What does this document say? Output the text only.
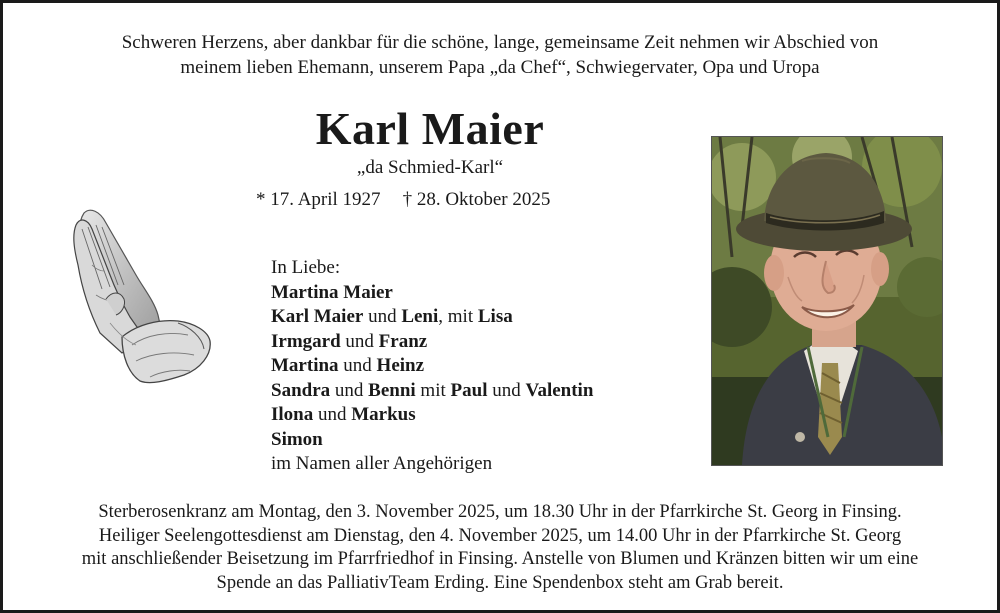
Schweren Herzens, aber dankbar für die schöne, lange, gemeinsame Zeit nehmen wir Abschied von

meinem lieben Ehemann, unserem Papa „da Chef“, Schwiegervater, Opa und Uropa

Karl Maier
„da Schmied-Karl“
* 17. April 1927 † 28. Oktober 2025
In Liebe:
Martina Maier
Karl Maier und Leni, mit Lisa
Irmgard und Franz
Martina und Heinz
Sandra und Benni mit Paul und Valentin
Ilona und Markus
Simon
im Namen aller Angehörigen

Sterberosenkranz am Montag, den 3. November 2025, um 18.30 Uhr in der Pfarrkirche St. Georg in Finsing.

Heiliger Seelengottesdienst am Dienstag, den 4. November 2025, um 14.00 Uhr in der Pfarrkirche St. Georg

mit anschließender Beisetzung im Pfarrfriedhof in Finsing. Anstelle von Blumen und Kränzen bitten wir um eine

Spende an das PalliativTeam Erding. Eine Spendenbox steht am Grab bereit.
